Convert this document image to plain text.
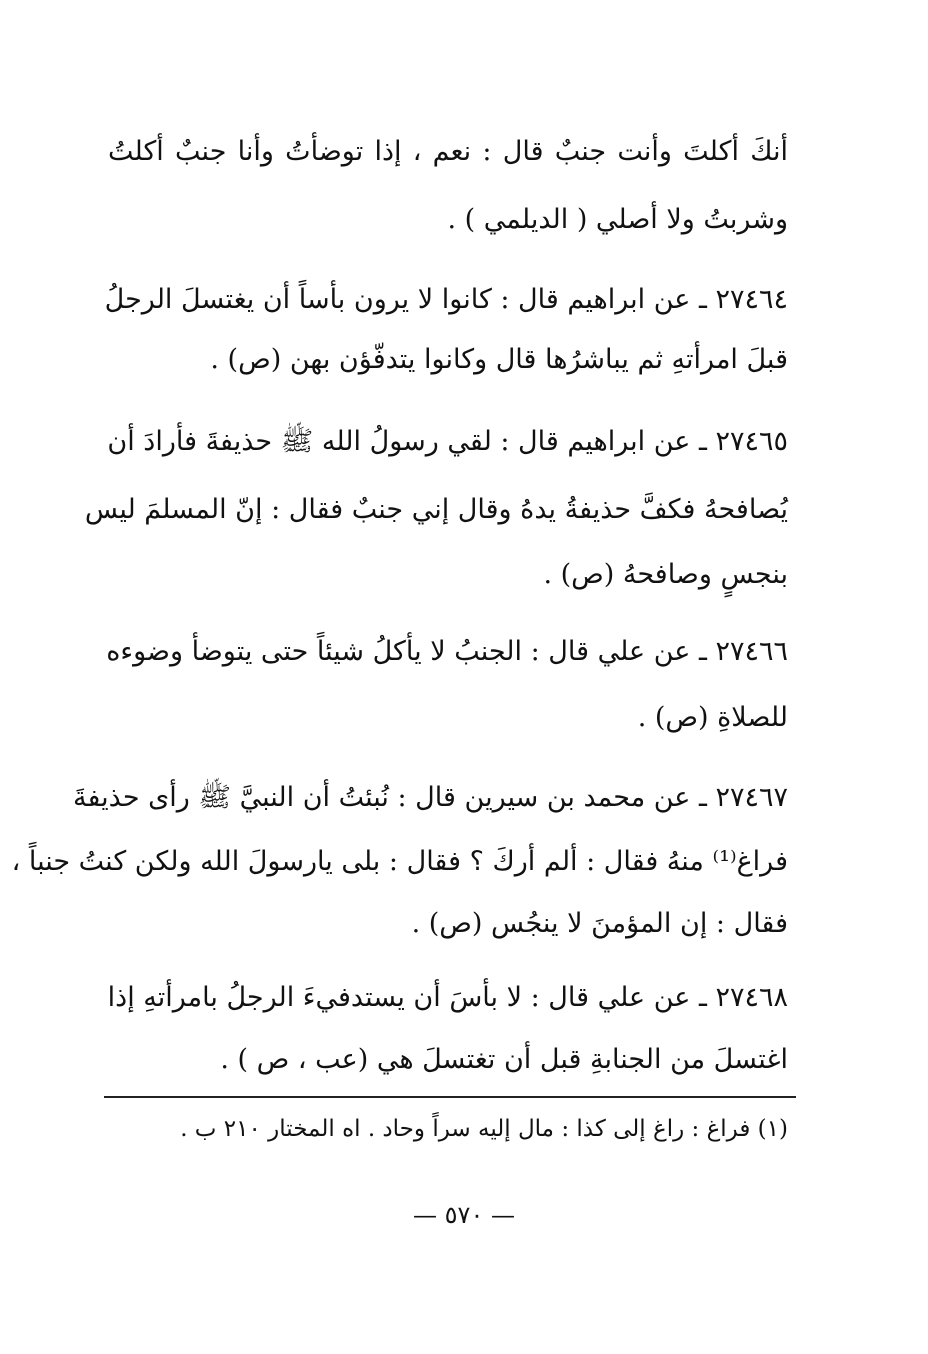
أنكَ أكلتَ وأنت جنبٌ قال : نعم ، إذا توضأتُ وأنا جنبٌ أكلتُ
وشربتُ ولا أصلي ( الديلمي ) .
٢٧٤٦٤ ـ عن ابراهيم قال : كانوا لا يرون بأساً أن يغتسلَ الرجلُ
قبلَ امرأتهِ ثم يباشرُها قال وكانوا يتدفّؤن بهن (ص) .
٢٧٤٦٥ ـ عن ابراهيم قال : لقي رسولُ الله ﷺ حذيفةَ فأرادَ أن
يُصافحهُ فكفَّ حذيفةُ يدهُ وقال إني جنبٌ فقال : إنّ المسلمَ ليس
بنجسٍ وصافحهُ (ص) .
٢٧٤٦٦ ـ عن علي قال : الجنبُ لا يأكلُ شيئاً حتى يتوضأ وضوءه
للصلاةِ (ص) .
٢٧٤٦٧ ـ عن محمد بن سيرين قال : نُبئتُ أن النبيَّ ﷺ رأى حذيفةَ
فراغ⁽¹⁾ منهُ فقال : ألم أركَ ؟ فقال : بلى يارسولَ الله ولكن كنتُ جنباً ،
فقال : إن المؤمنَ لا ينجُس (ص) .
٢٧٤٦٨ ـ عن علي قال : لا بأسَ أن يستدفيءَ الرجلُ بامرأتهِ إذا
اغتسلَ من الجنابةِ قبل أن تغتسلَ هي (عب ، ص ) .
(١) فراغ : راغ إلى كذا : مال إليه سراً وحاد . اه المختار ٢١٠ ب .
— ٥٧٠ —
